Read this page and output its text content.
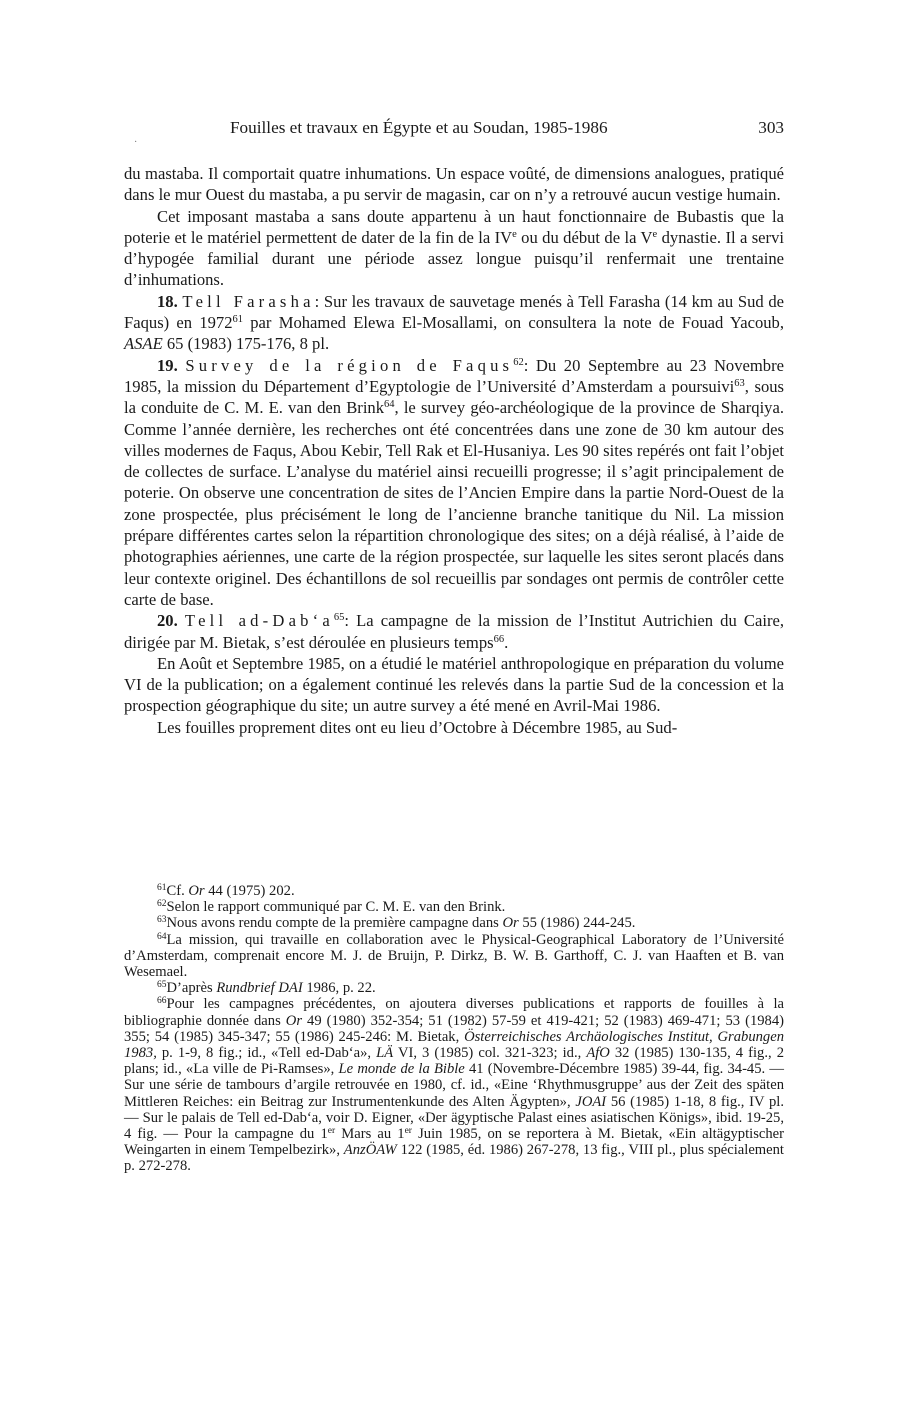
Fouilles et travaux en Égypte et au Soudan, 1985-1986	303
·

du mastaba. Il comportait quatre inhumations. Un espace voûté, de dimensions analogues, pratiqué dans le mur Ouest du mastaba, a pu servir de magasin, car on n’y a retrouvé aucun vestige humain.

Cet imposant mastaba a sans doute appartenu à un haut fonctionnaire de Bubastis que la poterie et le matériel permettent de dater de la fin de la IVe ou du début de la Ve dynastie. Il a servi d’hypogée familial durant une période assez longue puisqu’il renfermait une trentaine d’inhumations.

18. Tell Farasha: Sur les travaux de sauvetage menés à Tell Farasha (14 km au Sud de Faqus) en 1972$^{61}$ par Mohamed Elewa El-Mosallami, on consultera la note de Fouad Yacoub, ASAE 65 (1983) 175-176, 8 pl.

19. Survey de la région de Faqus$^{62}$: Du 20 Septembre au 23 Novembre 1985, la mission du Département d’Egyptologie de l’Université d’Amsterdam a poursuivi$^{63}$, sous la conduite de C. M. E. van den Brink$^{64}$, le survey géo-archéologique de la province de Sharqiya. Comme l’année dernière, les recherches ont été concentrées dans une zone de 30 km autour des villes modernes de Faqus, Abou Kebir, Tell Rak et El-Husaniya. Les 90 sites repérés ont fait l’objet de collectes de surface. L’analyse du matériel ainsi recueilli progresse; il s’agit principalement de poterie. On observe une concentration de sites de l’Ancien Empire dans la partie Nord-Ouest de la zone prospectée, plus précisément le long de l’ancienne branche tanitique du Nil. La mission prépare différentes cartes selon la répartition chronologique des sites; on a déjà réalisé, à l’aide de photographies aériennes, une carte de la région prospectée, sur laquelle les sites seront placés dans leur contexte originel. Des échantillons de sol recueillis par sondages ont permis de contrôler cette carte de base.

20. Tell $ad-Dab‘a^{65}$: La campagne de la mission de l’Institut Autrichien du Caire, dirigée par M. Bietak, s’est déroulée en plusieurs temps$^{66}$.

En Août et Septembre 1985, on a étudié le matériel anthropologique en préparation du volume VI de la publication; on a également continué les relevés dans la partie Sud de la concession et la prospection géographique du site; un autre survey a été mené en Avril-Mai 1986.

Les fouilles proprement dites ont eu lieu d’Octobre à Décembre 1985, au Sud-

$^{61}$Cf. Or 44 (1975) 202.

$^{62}$Selon le rapport communiqué par C. M. E. van den Brink.

$^{63}$Nous avons rendu compte de la première campagne dans Or 55 (1986) 244-245.

$^{64}$La mission, qui travaille en collaboration avec le Physical-Geographical Laboratory de l’Université d’Amsterdam, comprenait encore M. J. de Bruijn, P. Dirkz, B. W. B. Garthoff, C. J. van Haaften et B. van Wesemael.

$^{65}$D’après Rundbrief DAI 1986, p. 22.

$^{66}$Pour les campagnes précédentes, on ajoutera diverses publications et rapports de fouilles à la bibliographie donnée dans Or 49 (1980) 352-354; 51 (1982) 57-59 et 419-421; 52 (1983) 469-471; 53 (1984) 355; 54 (1985) 345-347; 55 (1986) 245-246: M. Bietak, Österreichisches Archäologisches Institut, Grabungen 1983, p. 1-9, 8 fig.; id., «Tell ed-Dab‘a», LÄ VI, 3 (1985) col. 321-323; id., AfO 32 (1985) 130-135, 4 fig., 2 plans; id., «La ville de Pi-Ramses», Le monde de la Bible 41 (Novembre-Décembre 1985) 39-44, fig. 34-45. — Sur une série de tambours d’argile retrouvée en 1980, cf. id., «Eine ‘Rhythmusgruppe’ aus der Zeit des späten Mittleren Reiches: ein Beitrag zur Instrumentenkunde des Alten Ägypten», JOAI 56 (1985) 1-18, 8 fig., IV pl. — Sur le palais de Tell ed-Dab‘a, voir D. Eigner, «Der ägyptische Palast eines asiatischen Königs», ibid. 19-25, 4 fig. — Pour la campagne du 1er Mars au 1er Juin 1985, on se reportera à M. Bietak, «Ein altägyptischer Weingarten in einem Tempelbezirk», AnzÖAW 122 (1985, éd. 1986) 267-278, 13 fig., VIII pl., plus spécialement p. 272-278.
